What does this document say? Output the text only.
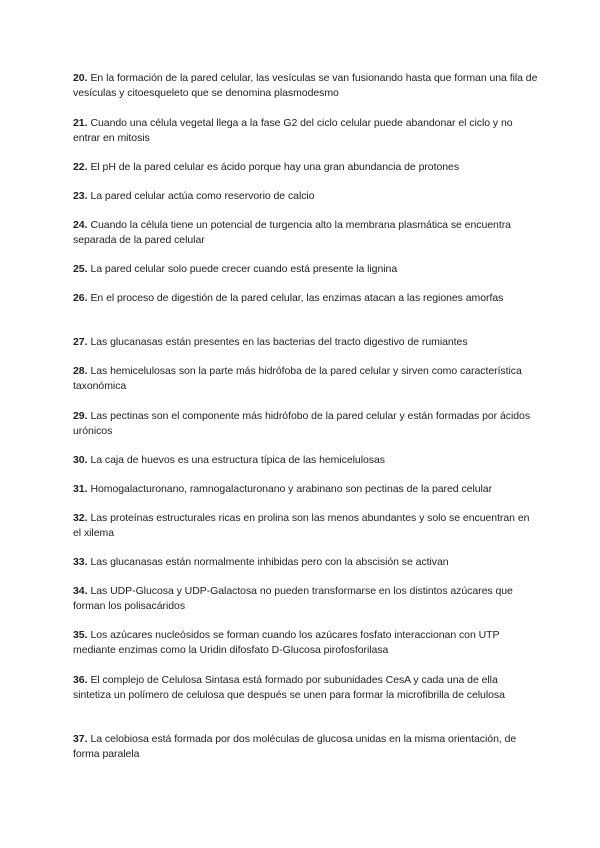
20. En la formación de la pared celular, las vesículas se van fusionando hasta que forman una fila de vesículas y citoesqueleto que se denomina plasmodesmo
21. Cuando una célula vegetal llega a la fase G2 del ciclo celular puede abandonar el ciclo y no entrar en mitosis
22. El pH de la pared celular es ácido porque hay una gran abundancia de protones
23. La pared celular actúa como reservorio de calcio
24. Cuando la célula tiene un potencial de turgencia alto la membrana plasmática se encuentra separada de la pared celular
25. La pared celular solo puede crecer cuando está presente la lignina
26. En el proceso de digestión de la pared celular, las enzimas atacan a las regiones amorfas
27. Las glucanasas están presentes en las bacterias del tracto digestivo de rumiantes
28. Las hemicelulosas son la parte más hidrófoba de la pared celular y sirven como característica taxonómica
29. Las pectinas son el componente más hidrófobo de la pared celular y están formadas por ácidos urónicos
30. La caja de huevos es una estructura típica de las hemicelulosas
31. Homogalacturonano, ramnogalacturonano y arabinano son pectinas de la pared celular
32. Las proteínas estructurales ricas en prolina son las menos abundantes y solo se encuentran en el xilema
33. Las glucanasas están normalmente inhibidas pero con la abscisión se activan
34. Las UDP-Glucosa y UDP-Galactosa no pueden transformarse en los distintos azúcares que forman los polisacáridos
35. Los azúcares nucleósidos se forman cuando los azúcares fosfato interaccionan con UTP mediante enzimas como la Uridin difosfato D-Glucosa pirofosforilasa
36. El complejo de Celulosa Sintasa está formado por subunidades CesA y cada una de ella sintetiza un polímero de celulosa que después se unen para formar la microfibrilla de celulosa
37. La celobiosa está formada por dos moléculas de glucosa unidas en la misma orientación, de forma paralela
